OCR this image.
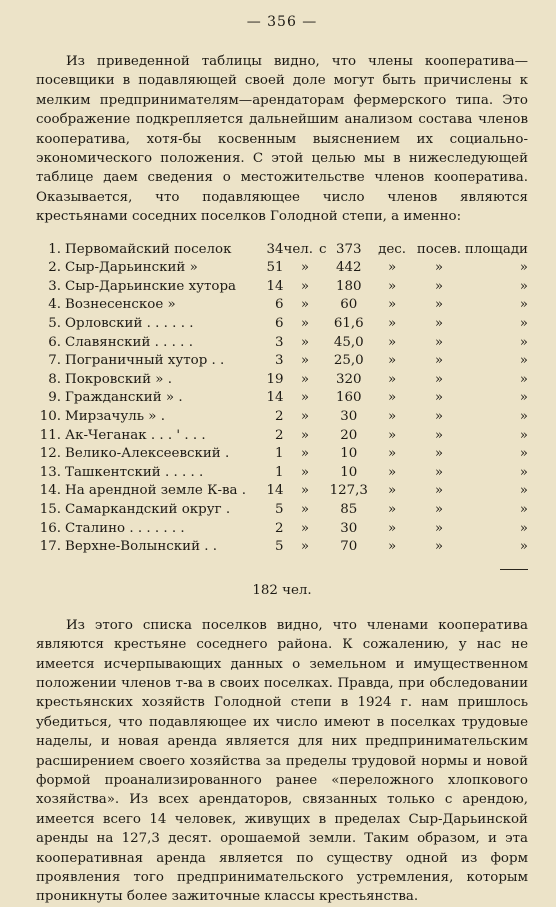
— 356 —

Из приведенной таблицы видно, что члены кооператива—посевщики в подавляющей своей доле могут быть причислены к мелким предпринимателям—арендаторам фермерского типа. Это соображение подкрепляется дальнейшим анализом состава членов кооператива, хотя-бы косвенным выяснением их социально-экономического положения. С этой целью мы в нижеследующей таблице даем сведения о местожительстве членов кооператива. Оказывается, что подавляющее число членов являются крестьянами соседних поселков Голодной степи, а именно:

1.	Первомайский поселок	34	чел. с	373	дес.	посев.	площади
2.	Сыр-Дарьинский »	51	»	442	»	»	»
3.	Сыр-Дарьинские хутора	14	»	180	»	»	»
4.	Вознесенское »	6	»	60	»	»	»
5.	Орловский . . . . . .	6	»	61,6	»	»	»
6.	Славянский . . . . .	3	»	45,0	»	»	»
7.	Пограничный хутор . .	3	»	25,0	»	»	»
8.	Покровский » .	19	»	320	»	»	»
9.	Гражданский » .	14	»	160	»	»	»
10.	Мирзачуль » .	2	»	30	»	»	»
11.	Ак-Чеганак . . . ' . . .	2	»	20	»	»	»
12.	Велико-Алексеевский .	1	»	10	»	»	»
13.	Ташкентский . . . . .	1	»	10	»	»	»
14.	На арендной земле К-ва .	14	»	127,3	»	»	»
15.	Самаркандский округ .	5	»	85	»	»	»
16.	Сталино . . . . . . .	2	»	30	»	»	»
17.	Верхне-Волынский . .	5	»	70	»	»	»
182 чел.

Из этого списка поселков видно, что членами кооператива являются крестьяне соседнего района. К сожалению, у нас не имеется исчерпывающих данных о земельном и имущественном положении членов т-ва в своих поселках. Правда, при обследовании крестьянских хозяйств Голодной степи в 1924 г. нам пришлось убедиться, что подавляющее их число имеют в поселках трудовые наделы, и новая аренда является для них предпринимательским расширением своего хозяйства за пределы трудовой нормы и новой формой проанализированного ранее «переложного хлопкового хозяйства». Из всех арендаторов, связанных только с арендою, имеется всего 14 человек, живущих в пределах Сыр-Дарьинской аренды на 127,3 десят. орошаемой земли. Таким образом, и эта кооперативная аренда является по существу одной из форм проявления того предпринимательского устремления, которым проникнуты более зажиточные классы крестьянства.
